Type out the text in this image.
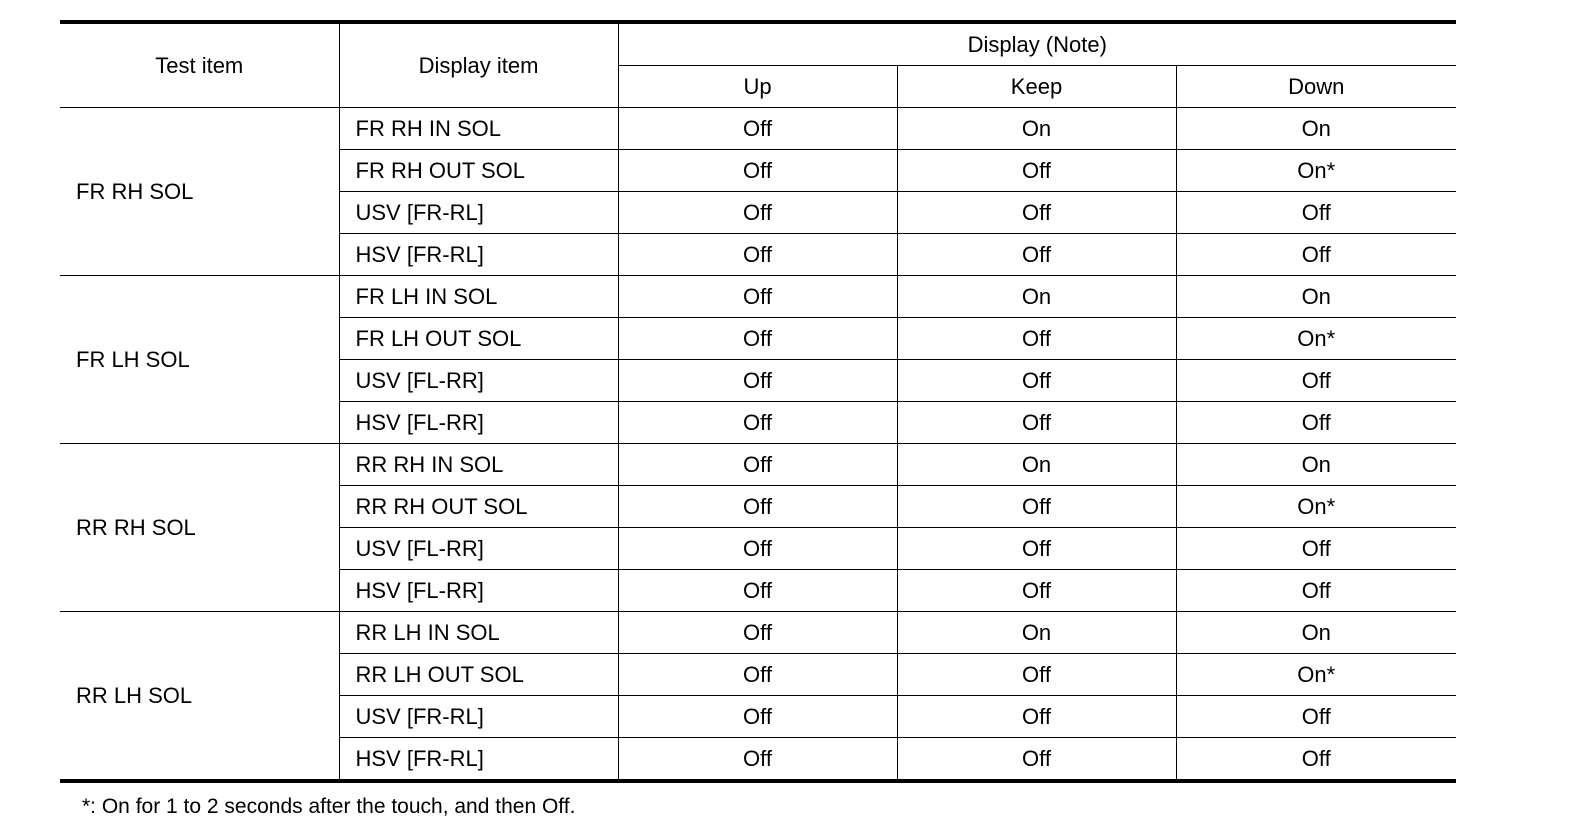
Test item	Display item	Display (Note)		
		Up	Keep	Down
FR RH SOL	FR RH IN SOL	Off	On	On
	FR RH OUT SOL	Off	Off	On*
	USV [FR-RL]	Off	Off	Off
	HSV [FR-RL]	Off	Off	Off
FR LH SOL	FR LH IN SOL	Off	On	On
	FR LH OUT SOL	Off	Off	On*
	USV [FL-RR]	Off	Off	Off
	HSV [FL-RR]	Off	Off	Off
RR RH SOL	RR RH IN SOL	Off	On	On
	RR RH OUT SOL	Off	Off	On*
	USV [FL-RR]	Off	Off	Off
	HSV [FL-RR]	Off	Off	Off
RR LH SOL	RR LH IN SOL	Off	On	On
	RR LH OUT SOL	Off	Off	On*
	USV [FR-RL]	Off	Off	Off
	HSV [FR-RL]	Off	Off	Off
*: On for 1 to 2 seconds after the touch, and then Off.
